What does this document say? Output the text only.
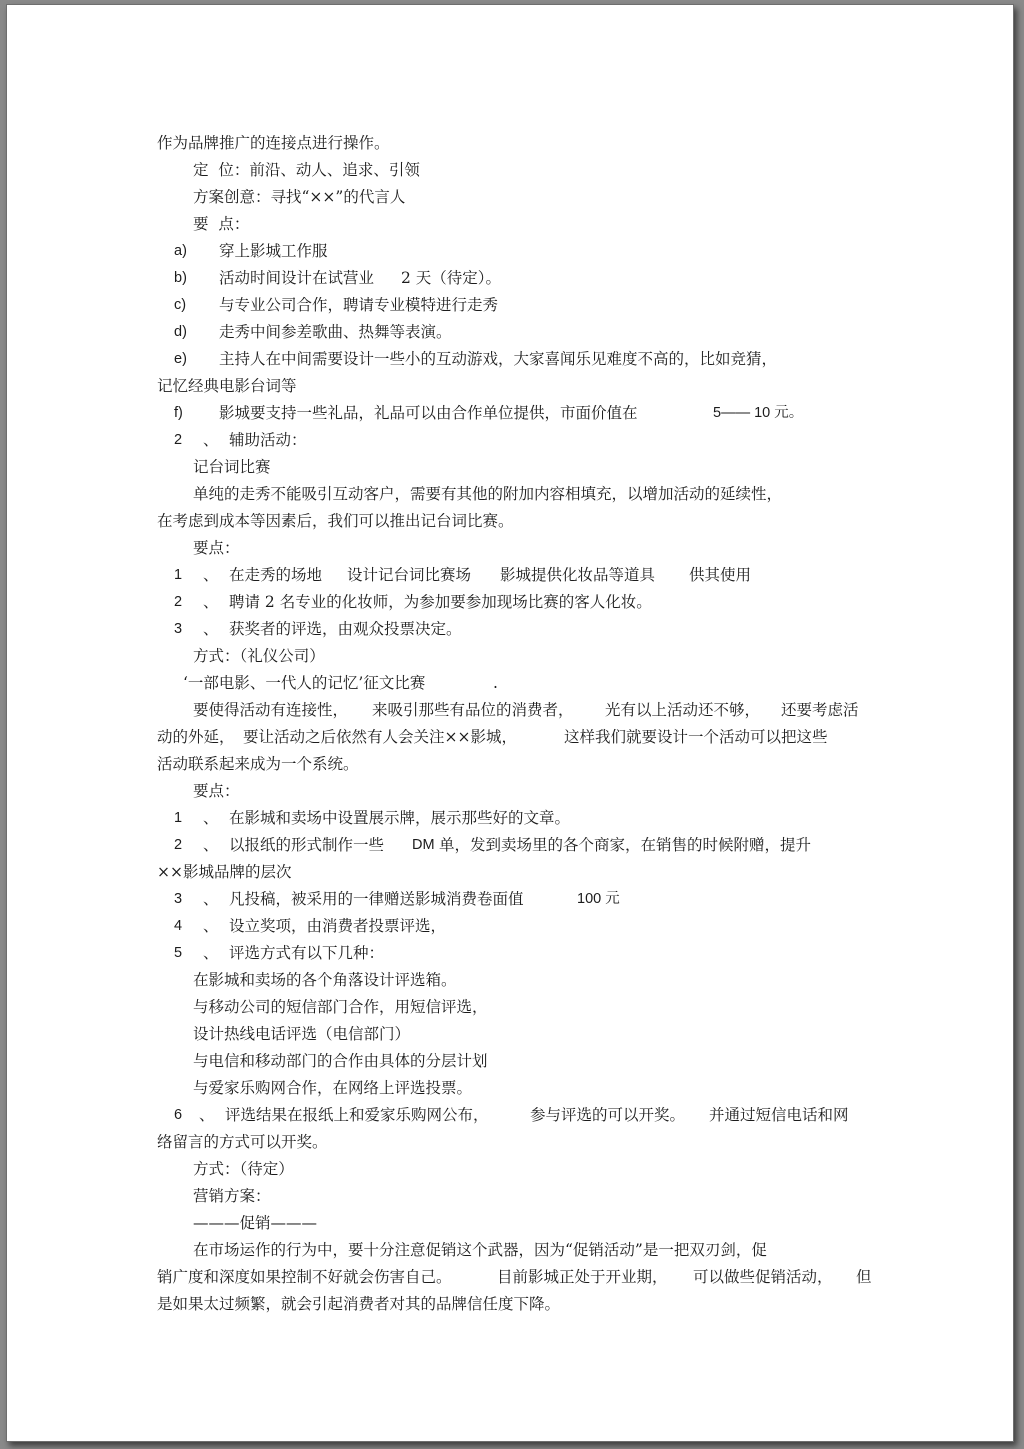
作为品牌推广的连接点进行操作。

定  位：前沿、动人、追求、引领

方案创意：寻找“××”的代言人

要  点：

a) 穿上影城工作服

b) 活动时间设计在试营业 2 天（待定）。

c) 与专业公司合作，聘请专业模特进行走秀

d) 走秀中间参差歌曲、热舞等表演。

e) 主持人在中间需要设计一些小的互动游戏，大家喜闻乐见难度不高的，比如竞猜，

记忆经典电影台词等

f) 影城要支持一些礼品，礼品可以由合作单位提供，市面价值在	5—— 10 元。

2 、 辅助活动：

记台词比赛

单纯的走秀不能吸引互动客户，需要有其他的附加内容相填充，以增加活动的延续性，

在考虑到成本等因素后，我们可以推出记台词比赛。

要点：

1 、 在走秀的场地 设计记台词比赛场 影城提供化妆品等道具 供其使用

2 、 聘请 2 名专业的化妆师，为参加要参加现场比赛的客人化妆。

3 、 获奖者的评选，由观众投票决定。

方式：（礼仪公司）

‘一部电影、一代人的记忆’征文比赛	.

要使得活动有连接性， 来吸引那些有品位的消费者， 光有以上活动还不够， 还要考虑活

动的外延， 要让活动之后依然有人会关注××影城，	这样我们就要设计一个活动可以把这些

活动联系起来成为一个系统。

要点：

1 、 在影城和卖场中设置展示牌，展示那些好的文章。

2 、 以报纸的形式制作一些 DM 单，发到卖场里的各个商家，在销售的时候附赠，提升

××影城品牌的层次

3 、 凡投稿，被采用的一律赠送影城消费卷面值	100 元

4 、 设立奖项，由消费者投票评选，

5 、 评选方式有以下几种：

在影城和卖场的各个角落设计评选箱。

与移动公司的短信部门合作，用短信评选，

设计热线电话评选（电信部门）

与电信和移动部门的合作由具体的分层计划

与爱家乐购网合作，在网络上评选投票。

6 、 评选结果在报纸上和爱家乐购网公布，	参与评选的可以开奖。 并通过短信电话和网

络留言的方式可以开奖。

方式：（待定）

营销方案：

———促销———

在市场运作的行为中，要十分注意促销这个武器，因为“促销活动”是一把双刃剑，促

销广度和深度如果控制不好就会伤害自己。	目前影城正处于开业期， 可以做些促销活动， 但

是如果太过频繁，就会引起消费者对其的品牌信任度下降。
